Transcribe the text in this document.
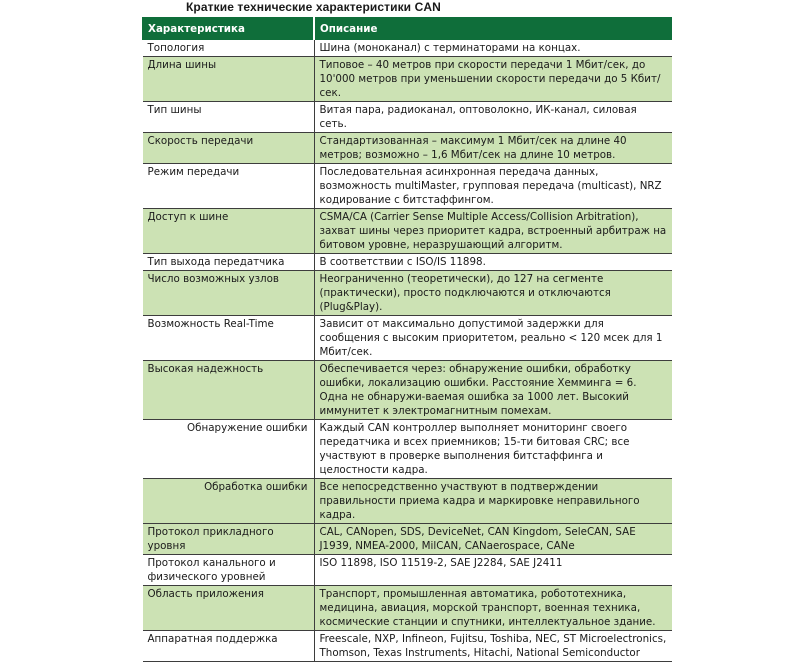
Краткие технические характеристики CAN
Характеристика	Описание
Топология	Шина (моноканал) с терминаторами на концах.
Длина шины	Типовое – 40 метров при скорости передачи 1 Мбит/сек, до 10'000 метров при уменьшении скорости передачи до 5 Кбит/сек.
Тип шины	Витая пара, радиоканал, оптоволокно, ИК-канал, силовая сеть.
Скорость передачи	Стандартизованная – максимум 1 Мбит/сек на длине 40 метров; возможно – 1,6 Мбит/сек на длине 10 метров.
Режим передачи	Последовательная асинхронная передача данных, возможность multiMaster, групповая передача (multicast), NRZ кодирование с битстаффингом.
Доступ к шине	CSMA/CA (Carrier Sense Multiple Access/Collision Arbitration), захват шины через приоритет кадра, встроенный арбитраж на битовом уровне, неразрушающий алгоритм.
Тип выхода передатчика	В соответствии с ISO/IS 11898.
Число возможных узлов	Неограниченно (теоретически), до 127 на сегменте (практически), просто подключаются и отключаются (Plug&Play).
Возможность Real-Time	Зависит от максимально допустимой задержки для сообщения с высоким приоритетом, реально < 120 мсек для 1 Мбит/сек.
Высокая надежность	Обеспечивается через: обнаружение ошибки, обработку ошибки, локализацию ошибки. Расстояние Хемминга = 6. Одна не обнаружи-ваемая ошибка за 1000 лет. Высокий иммунитет к электромагнитным помехам.
Обнаружение ошибки	Каждый CAN контроллер выполняет мониторинг своего передатчика и всех приемников; 15-ти битовая CRC; все участвуют в проверке выполнения битстаффинга и целостности кадра.
Обработка ошибки	Все непосредственно участвуют в подтверждении правильности приема кадра и маркировке неправильного кадра.
Протокол прикладного уровня	CAL, CANopen, SDS, DeviceNet, CAN Kingdom, SeleCAN, SAE J1939, NMEA-2000, MilCAN, CANaerospace, CANe
Протокол канального и физического уровней	ISO 11898, ISO 11519-2, SAE J2284, SAE J2411
Область приложения	Транспорт, промышленная автоматика, робототехника, медицина, авиация, морской транспорт, военная техника, космические станции и спутники, интеллектуальное здание.
Аппаратная поддержка	Freescale, NXP, Infineon, Fujitsu, Toshiba, NEC, ST Microelectronics, Thomson, Texas Instruments, Hitachi, National Semiconductor
